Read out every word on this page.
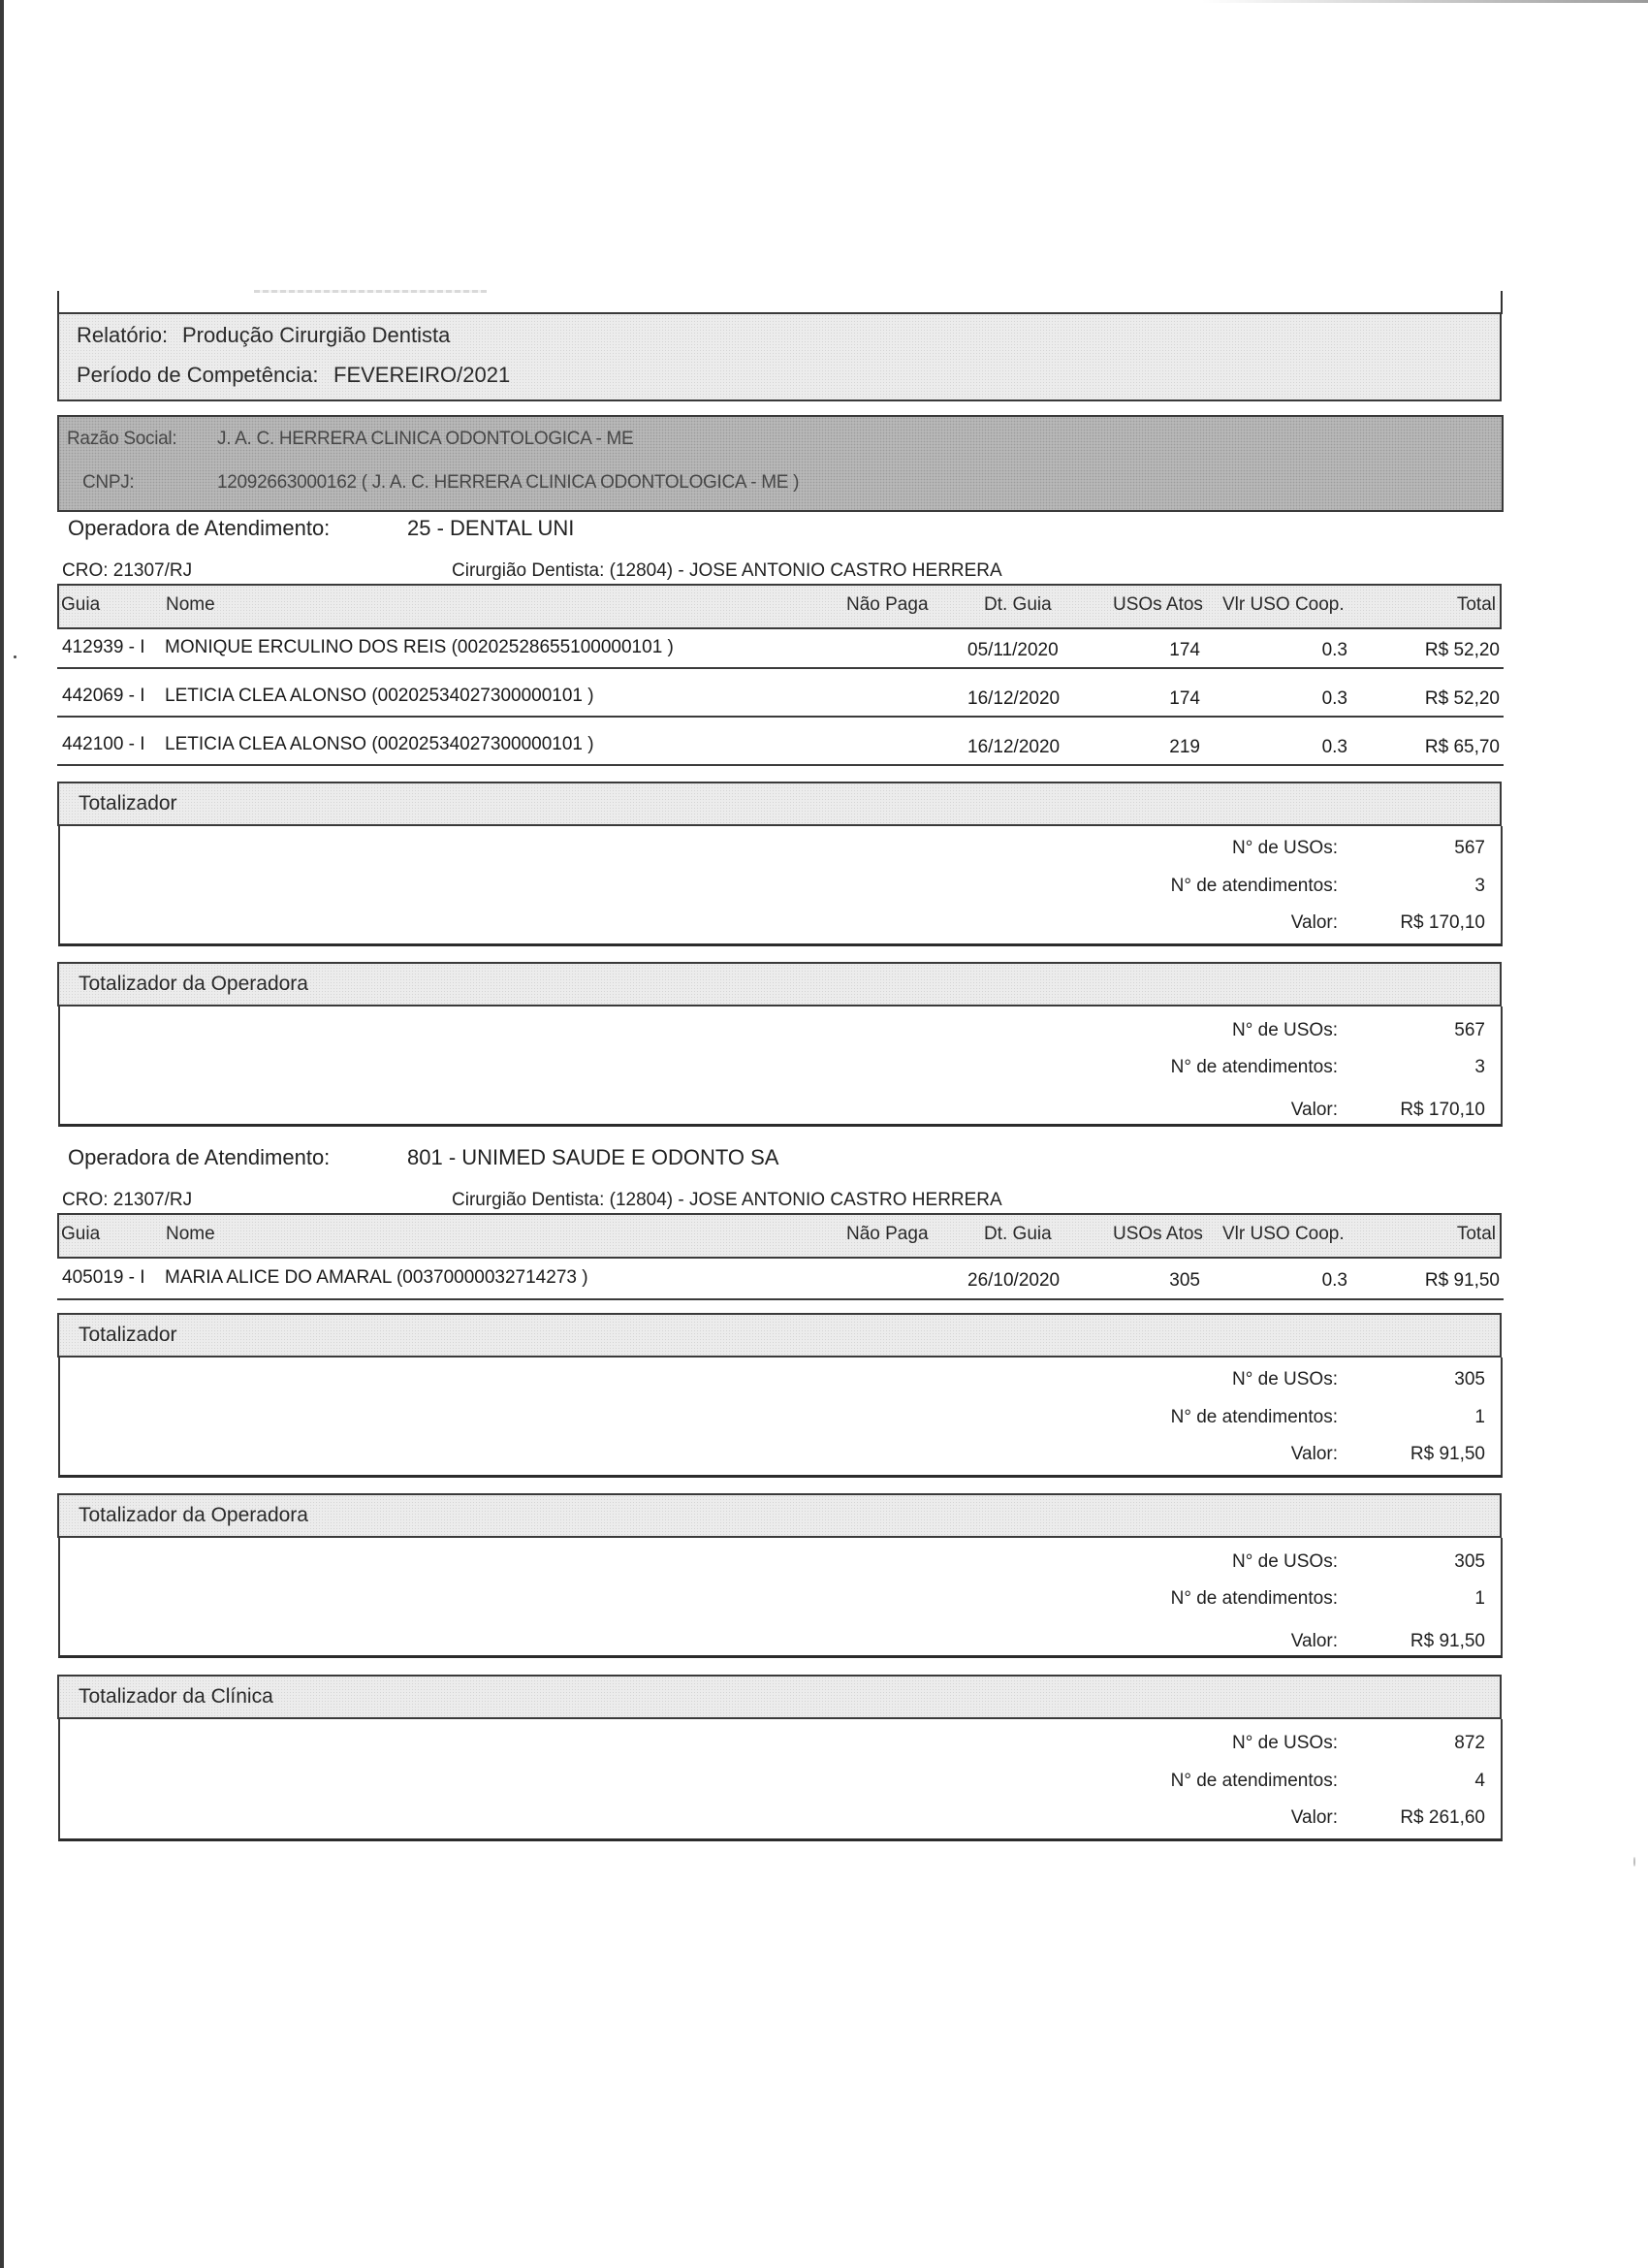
Relatório: Produção Cirurgião Dentista
Período de Competência: FEVEREIRO/2021
Razão Social: J. A. C. HERRERA CLINICA ODONTOLOGICA - ME
CNPJ:	12092663000162 ( J. A. C. HERRERA CLINICA ODONTOLOGICA - ME )
Operadora de Atendimento:	25 - DENTAL UNI
CRO: 21307/RJ	Cirurgião Dentista: (12804) - JOSE ANTONIO CASTRO HERRERA
Guia	Nome	Não Paga	Dt. Guia	USOs Atos Vlr USO Coop.	Total
412939 - I MONIQUE ERCULINO DOS REIS (00202528655100000101 )	05/11/2020	174	0.3	R$ 52,20
442069 - I LETICIA CLEA ALONSO (00202534027300000101 )	16/12/2020	174	0.3	R$ 52,20
442100 - I LETICIA CLEA ALONSO (00202534027300000101 )	16/12/2020	219	0.3	R$ 65,70
Totalizador
N° de USOs:	567
N° de atendimentos:	3
Valor:	R$ 170,10
Totalizador da Operadora
N° de USOs:	567
N° de atendimentos:	3
Valor:	R$ 170,10
Operadora de Atendimento:	801 - UNIMED SAUDE E ODONTO SA
CRO: 21307/RJ	Cirurgião Dentista: (12804) - JOSE ANTONIO CASTRO HERRERA
Guia	Nome	Não Paga	Dt. Guia	USOs Atos Vlr USO Coop.	Total
405019 - I MARIA ALICE DO AMARAL (00370000032714273 )	26/10/2020	305	0.3	R$ 91,50
Totalizador
N° de USOs:	305
N° de atendimentos:	1
Valor:	R$ 91,50
Totalizador da Operadora
N° de USOs:	305
N° de atendimentos:	1
Valor:	R$ 91,50
Totalizador da Clínica
N° de USOs:	872
N° de atendimentos:	4
Valor:	R$ 261,60
